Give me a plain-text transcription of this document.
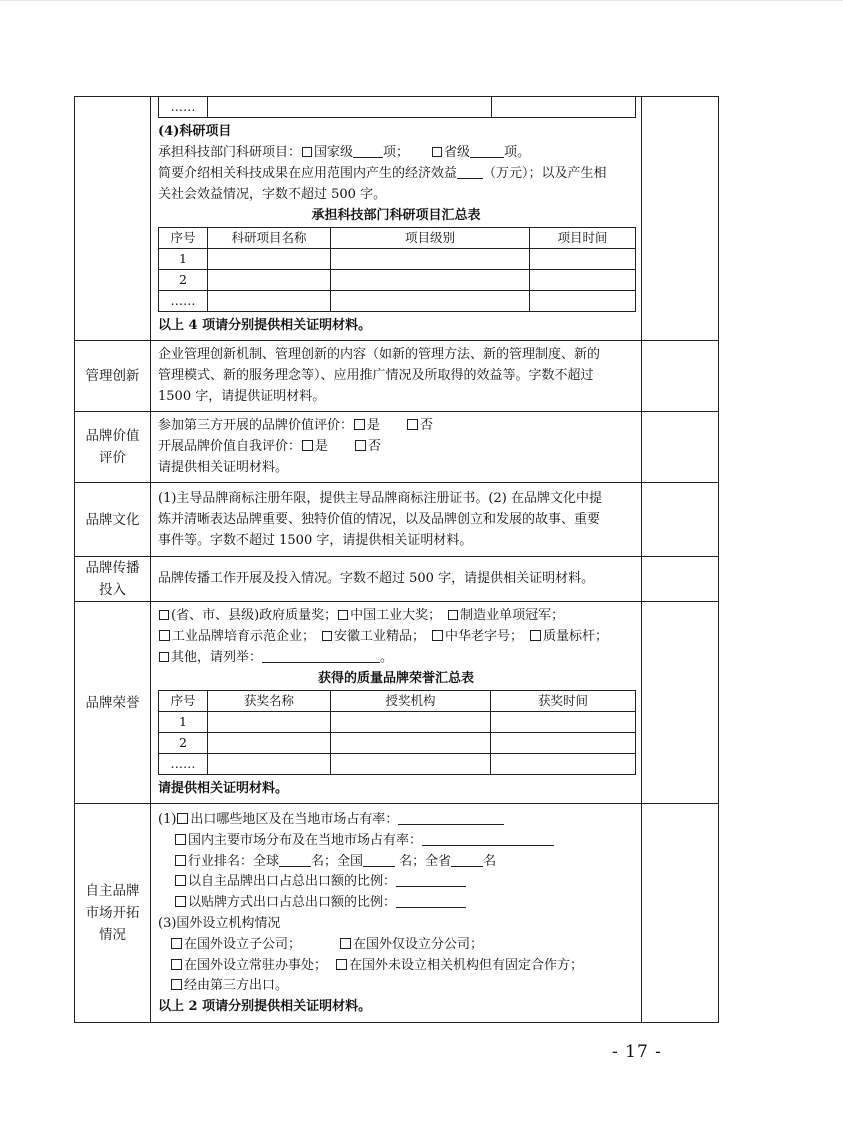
……		
(4)科研项目
承担科技部门科研项目： 国家级 项；	省级	项。
简要介绍相关科技成果在应用范围内产生的经济效益 （万元）；以及产生相
关社会效益情况，字数不超过 500 字。
承担科技部门科研项目汇总表
序号	科研项目名称	项目级别	项目时间
1			
2			
……			
以上 4 项请分别提供相关证明材料。

管理创新	
企业管理创新机制、管理创新的内容（如新的管理方法、新的管理制度、新的
管理模式、新的服务理念等）、应用推广情况及所取得的效益等。字数不超过
1500 字，请提供证明材料。

品牌价值
评价

参加第三方开展的品牌价值评价： 是	否
开展品牌价值自我评价： 是	否
请提供相关证明材料。

品牌文化	
(1)主导品牌商标注册年限，提供主导品牌商标注册证书。(2) 在品牌文化中提
炼并清晰表达品牌重要、独特价值的情况，以及品牌创立和发展的故事、重要
事件等。字数不超过 1500 字，请提供相关证明材料。

品牌传播
投入

品牌传播工作开展及投入情况。字数不超过 500 字，请提供相关证明材料。

品牌荣誉	
(省、市、县级)政府质量奖； 中国工业大奖； 制造业单项冠军；
工业品牌培育示范企业； 安徽工业精品； 中华老字号； 质量标杆；
其他，请列举：	。
获得的质量品牌荣誉汇总表
序号	获奖名称	授奖机构	获奖时间
1			
2			
……			
请提供相关证明材料。

自主品牌
市场开拓
情况

(1) 出口哪些地区及在当地市场占有率：
国内主要市场分布及在当地市场占有率：
行业排名：全球 名；全国 名；全省 名
以自主品牌出口占总出口额的比例：
以贴牌方式出口占总出口额的比例：
(3)国外设立机构情况
在国外设立子公司；	在国外仅设立分公司；
在国外设立常驻办事处； 在国外未设立相关机构但有固定合作方；
经由第三方出口。
以上 2 项请分别提供相关证明材料。

- 17 -
